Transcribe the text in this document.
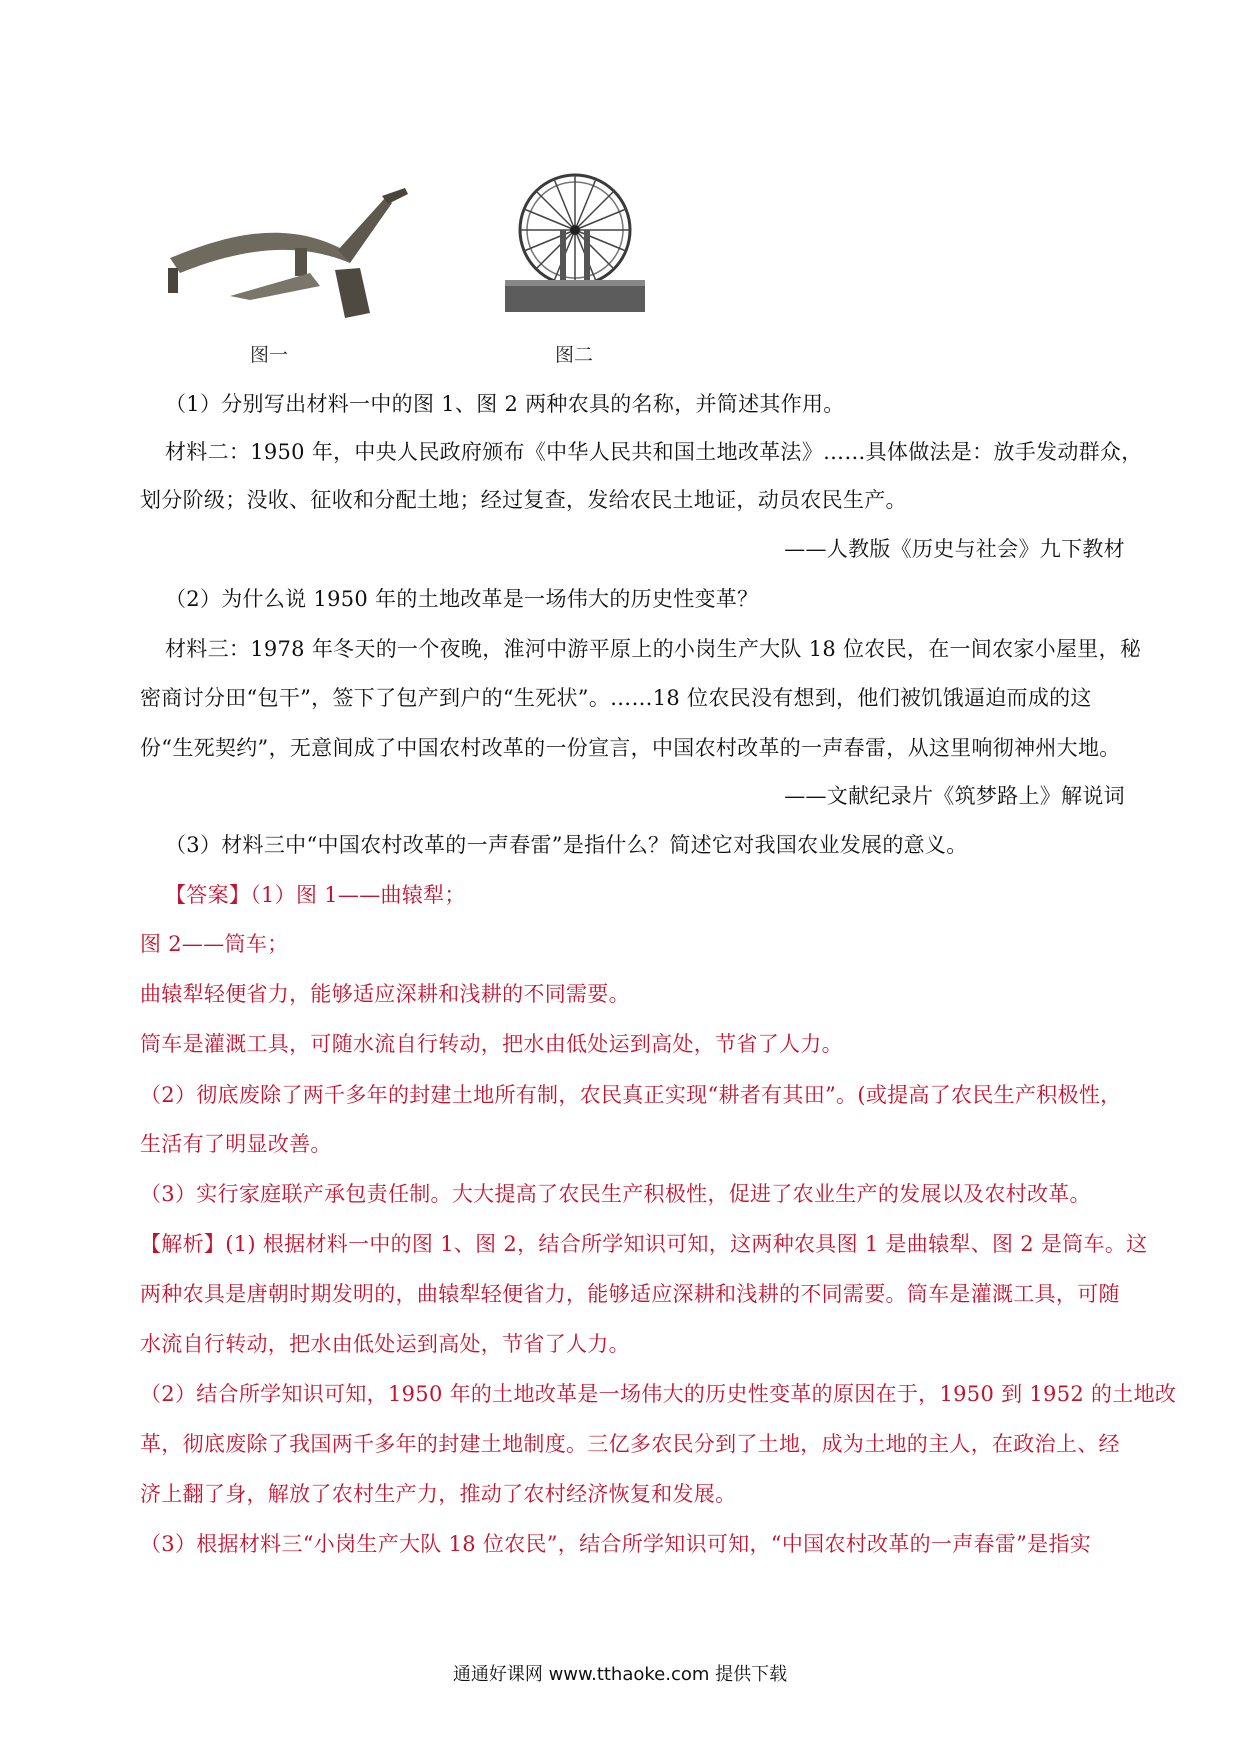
图一	图二
（1）分别写出材料一中的图 1、图 2 两种农具的名称，并简述其作用。
材料二：1950 年，中央人民政府颁布《中华人民共和国土地改革法》……具体做法是：放手发动群众，
划分阶级；没收、征收和分配土地；经过复查，发给农民土地证，动员农民生产。
——人教版《历史与社会》九下教材
（2）为什么说 1950 年的土地改革是一场伟大的历史性变革？
材料三：1978 年冬天的一个夜晚，淮河中游平原上的小岗生产大队 18 位农民，在一间农家小屋里，秘
密商讨分田“包干”，签下了包产到户的“生死状”。……18 位农民没有想到，他们被饥饿逼迫而成的这
份“生死契约”，无意间成了中国农村改革的一份宣言，中国农村改革的一声春雷，从这里响彻神州大地。
——文献纪录片《筑梦路上》解说词
（3）材料三中“中国农村改革的一声春雷”是指什么？简述它对我国农业发展的意义。
【答案】（1）图 1——曲辕犁；
图 2——筒车；
曲辕犁轻便省力，能够适应深耕和浅耕的不同需要。
筒车是灌溉工具，可随水流自行转动，把水由低处运到高处，节省了人力。
（2）彻底废除了两千多年的封建土地所有制，农民真正实现“耕者有其田”。(或提高了农民生产积极性，
生活有了明显改善。
（3）实行家庭联产承包责任制。大大提高了农民生产积极性，促进了农业生产的发展以及农村改革。
【解析】(1) 根据材料一中的图 1、图 2，结合所学知识可知，这两种农具图 1 是曲辕犁、图 2 是筒车。这
两种农具是唐朝时期发明的，曲辕犁轻便省力，能够适应深耕和浅耕的不同需要。筒车是灌溉工具，可随
水流自行转动，把水由低处运到高处，节省了人力。
（2）结合所学知识可知，1950 年的土地改革是一场伟大的历史性变革的原因在于，1950 到 1952 的土地改
革，彻底废除了我国两千多年的封建土地制度。三亿多农民分到了土地，成为土地的主人，在政治上、经
济上翻了身，解放了农村生产力，推动了农村经济恢复和发展。
（3）根据材料三“小岗生产大队 18 位农民”，结合所学知识可知，“中国农村改革的一声春雷”是指实
通通好课网 www.tthaoke.com 提供下载
